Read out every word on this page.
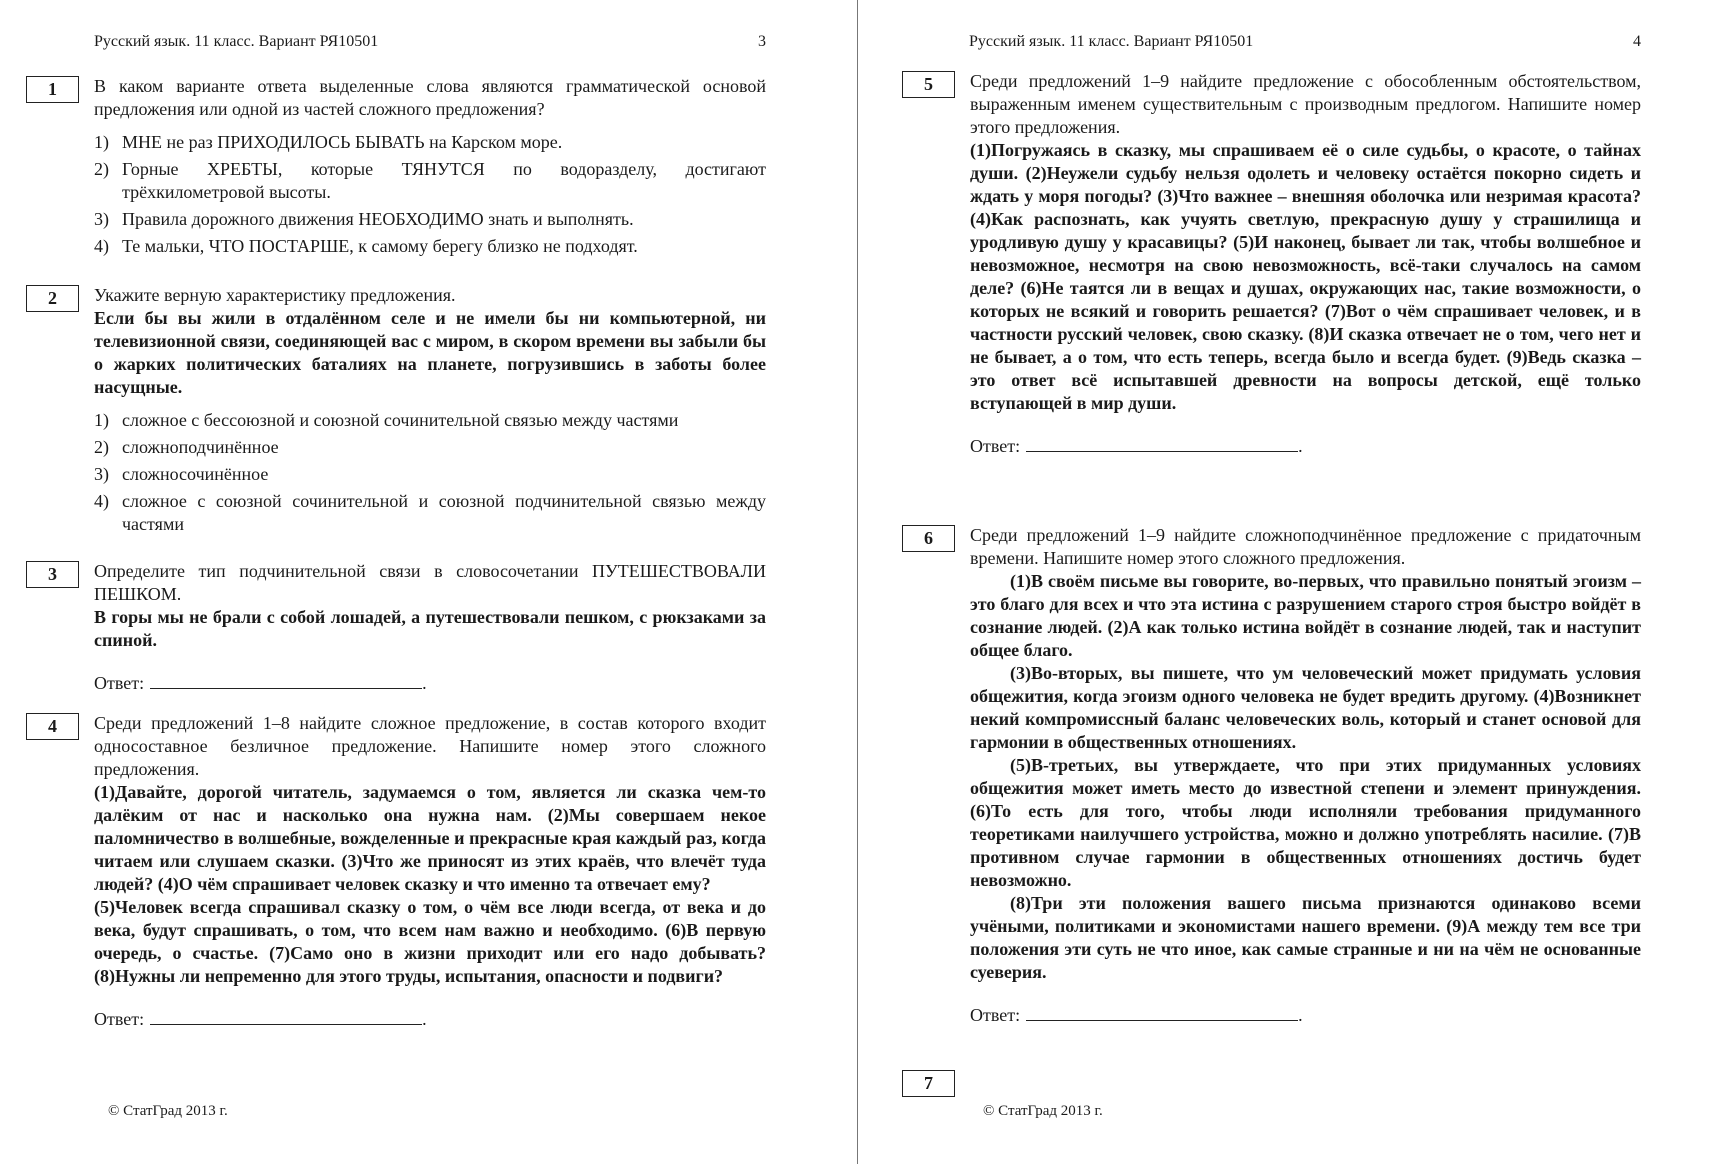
Русский язык. 11 класс. Вариант РЯ10501	3
1	В каком варианте ответа выделенные слова являются грамматической основой предложения или одной из частей сложного предложения?

1) МНЕ не раз ПРИХОДИЛОСЬ БЫВАТЬ на Карском море.
2) Горные ХРЕБТЫ, которые ТЯНУТСЯ по водоразделу, достигают трёхкилометровой высоты.
3) Правила дорожного движения НЕОБХОДИМО знать и выполнять.
4) Те мальки, ЧТО ПОСТАРШЕ, к самому берегу близко не подходят.
2	Укажите верную характеристику предложения.

Если бы вы жили в отдалённом селе и не имели бы ни компьютерной, ни телевизионной связи, соединяющей вас с миром, в скором времени вы забыли бы о жарких политических баталиях на планете, погрузившись в заботы более насущные.

1) сложное с бессоюзной и союзной сочинительной связью между частями
2) сложноподчинённое
3) сложносочинённое
4) сложное с союзной сочинительной и союзной подчинительной связью между частями
3	Определите тип подчинительной связи в словосочетании ПУТЕШЕСТВОВАЛИ ПЕШКОМ.

В горы мы не брали с собой лошадей, а путешествовали пешком, с рюкзаками за спиной.

Ответ:	.
4	Среди предложений 1–8 найдите сложное предложение, в состав которого входит односоставное безличное предложение. Напишите номер этого сложного предложения.

(1)Давайте, дорогой читатель, задумаемся о том, является ли сказка чем-то далёким от нас и насколько она нужна нам. (2)Мы совершаем некое паломничество в волшебные, вожделенные и прекрасные края каждый раз, когда читаем или слушаем сказки. (3)Что же приносят из этих краёв, что влечёт туда людей? (4)О чём спрашивает человек сказку и что именно та отвечает ему?

(5)Человек всегда спрашивал сказку о том, о чём все люди всегда, от века и до века, будут спрашивать, о том, что всем нам важно и необходимо. (6)В первую очередь, о счастье. (7)Само оно в жизни приходит или его надо добывать? (8)Нужны ли непременно для этого труды, испытания, опасности и подвиги?

Ответ:	.
© СтатГрад 2013 г.
Русский язык. 11 класс. Вариант РЯ10501	4
5	Среди предложений 1–9 найдите предложение с обособленным обстоятельством, выраженным именем существительным с производным предлогом. Напишите номер этого предложения.

(1)Погружаясь в сказку, мы спрашиваем её о силе судьбы, о красоте, о тайнах души. (2)Неужели судьбу нельзя одолеть и человеку остаётся покорно сидеть и ждать у моря погоды? (3)Что важнее – внешняя оболочка или незримая красота? (4)Как распознать, как учуять светлую, прекрасную душу у страшилища и уродливую душу у красавицы? (5)И наконец, бывает ли так, чтобы волшебное и невозможное, несмотря на свою невозможность, всё-таки случалось на самом деле? (6)Не таятся ли в вещах и душах, окружающих нас, такие возможности, о которых не всякий и говорить решается? (7)Вот о чём спрашивает человек, и в частности русский человек, свою сказку. (8)И сказка отвечает не о том, чего нет и не бывает, а о том, что есть теперь, всегда было и всегда будет. (9)Ведь сказка – это ответ всё испытавшей древности на вопросы детской, ещё только вступающей в мир души.

Ответ:	.
6	Среди предложений 1–9 найдите сложноподчинённое предложение с придаточным времени. Напишите номер этого сложного предложения.

(1)В своём письме вы говорите, во-первых, что правильно понятый эгоизм – это благо для всех и что эта истина с разрушением старого строя быстро войдёт в сознание людей. (2)А как только истина войдёт в сознание людей, так и наступит общее благо.

(3)Во-вторых, вы пишете, что ум человеческий может придумать условия общежития, когда эгоизм одного человека не будет вредить другому. (4)Возникнет некий компромиссный баланс человеческих воль, который и станет основой для гармонии в общественных отношениях.

(5)В-третьих, вы утверждаете, что при этих придуманных условиях общежития может иметь место до известной степени и элемент принуждения. (6)То есть для того, чтобы люди исполняли требования придуманного теоретиками наилучшего устройства, можно и должно употреблять насилие. (7)В противном случае гармонии в общественных отношениях достичь будет невозможно.

(8)Три эти положения вашего письма признаются одинаково всеми учёными, политиками и экономистами нашего времени. (9)А между тем все три положения эти суть не что иное, как самые странные и ни на чём не основанные суеверия.

Ответ:	.
7
© СтатГрад 2013 г.
